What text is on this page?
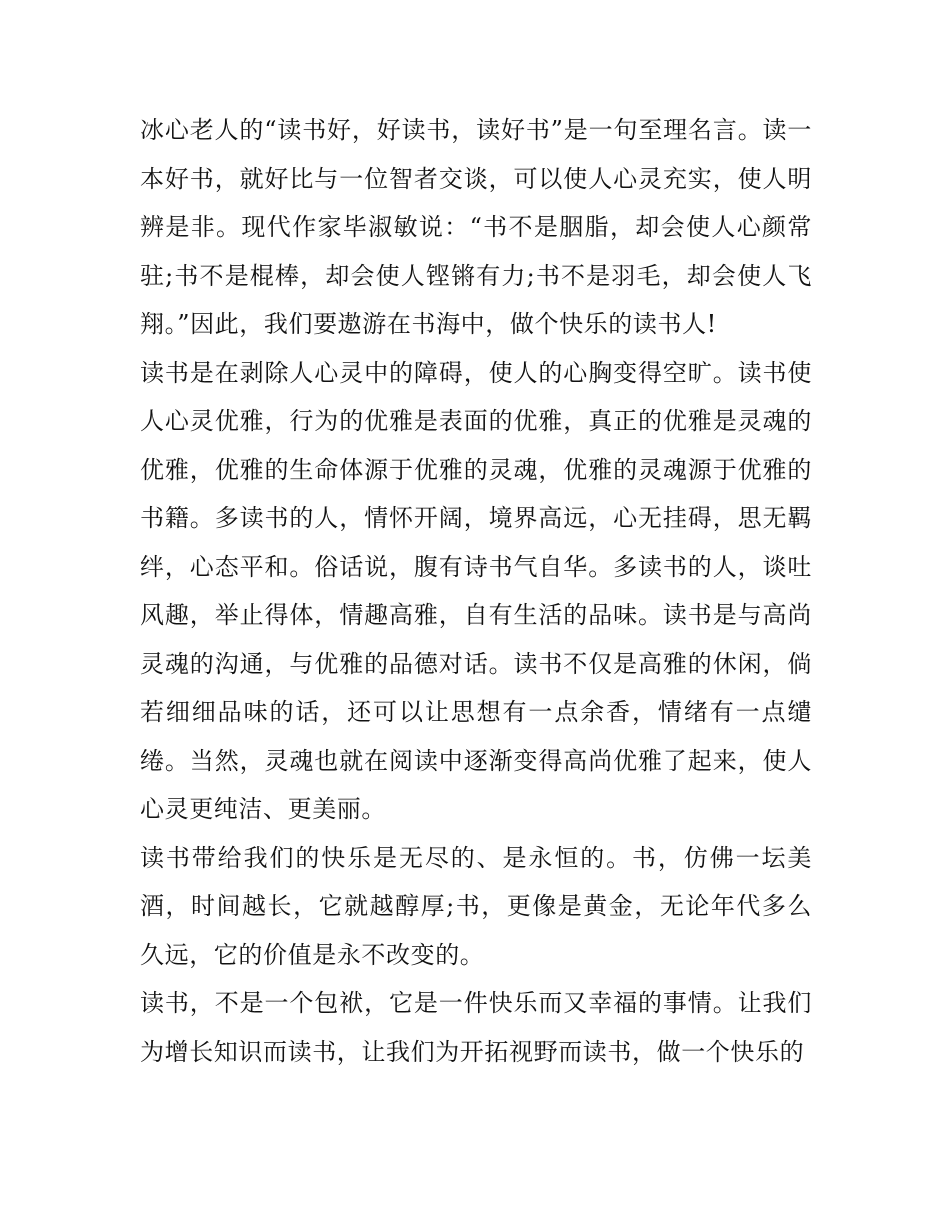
冰心老人的“读书好，好读书，读好书”是一句至理名言。读一本好书，就好比与一位智者交谈，可以使人心灵充实，使人明辨是非。现代作家毕淑敏说：“书不是胭脂，却会使人心颜常驻;书不是棍棒，却会使人铿锵有力;书不是羽毛，却会使人飞翔。”因此，我们要遨游在书海中，做个快乐的读书人!

读书是在剥除人心灵中的障碍，使人的心胸变得空旷。读书使人心灵优雅，行为的优雅是表面的优雅，真正的优雅是灵魂的优雅，优雅的生命体源于优雅的灵魂，优雅的灵魂源于优雅的书籍。多读书的人，情怀开阔，境界高远，心无挂碍，思无羁绊，心态平和。俗话说，腹有诗书气自华。多读书的人，谈吐风趣，举止得体，情趣高雅，自有生活的品味。读书是与高尚灵魂的沟通，与优雅的品德对话。读书不仅是高雅的休闲，倘若细细品味的话，还可以让思想有一点余香，情绪有一点缱绻。当然，灵魂也就在阅读中逐渐变得高尚优雅了起来，使人心灵更纯洁、更美丽。

读书带给我们的快乐是无尽的、是永恒的。书，仿佛一坛美酒，时间越长，它就越醇厚;书，更像是黄金，无论年代多么久远，它的价值是永不改变的。

读书，不是一个包袱，它是一件快乐而又幸福的事情。让我们为增长知识而读书，让我们为开拓视野而读书，做一个快乐的
